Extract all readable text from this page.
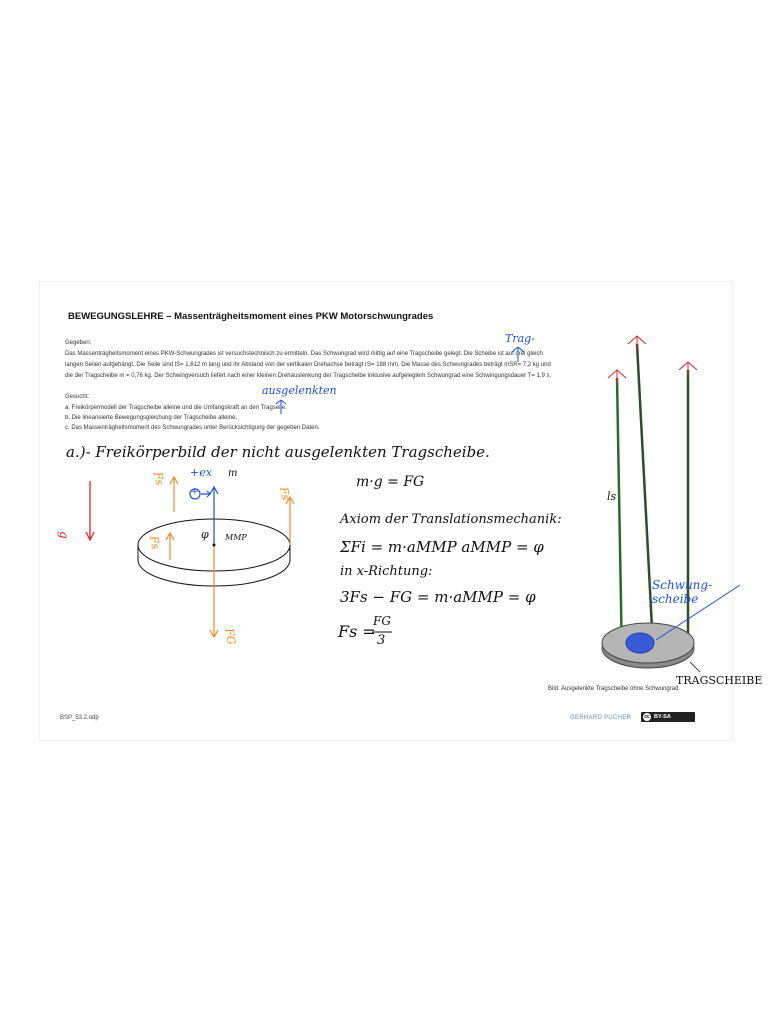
BEWEGUNGSLEHRE – Massenträgheitsmoment eines PKW Motorschwungrades
Gegeben:
Das Massenträgheitsmoment eines PKW-Schwungrades ist versuchstechnisch zu ermitteln. Das Schwungrad wird mittig auf eine Tragscheibe gelegt. Die Scheibe ist auf drei gleich
langen Seilen aufgehängt. Die Seile sind lS= 1,612 m lang und ihr Abstand von der vertikalen Drehachse beträgt rS= 188 mm. Die Masse des Schwungrades beträgt mSR= 7,2 kg und
die der Tragscheibe m = 0,76 kg. Der Schwingversuch liefert nach einer kleinen Drehauslenkung der Tragscheibe inklusive aufgelegtem Schwungrad eine Schwingungsdauer T= 1,9 s.
Gesucht:
a. Freikörpermodell der Tragscheibe alleine und die Umfangskraft an den Tragseile.
b. Die linearisierte Bewegungsgleichung der Tragscheibe alleine.
c. Das Massenträgheitsmoment des Schwungrades unter Berücksichtigung der gegeben Daten.
Trag-
ausgelenkten
a.)- Freikörperbild der nicht ausgelenkten Tragscheibe.
+ex m
+
Fs
Fs
Fs
FG
g	MMP
φ
m·g = FG
Axiom der Translationsmechanik:
ΣFi = m·aMMP aMMP = φ
in x-Richtung:
3Fs − FG = m·aMMP = φ
Fs =
FG
3
ls
Schwung-scheibe
TRAGSCHEIBE
Bild: Ausgelenkte Tragscheibe ohne Schwungrad
BSP_53.2.odp	GERHARD PUCHER	cc BY-SA
